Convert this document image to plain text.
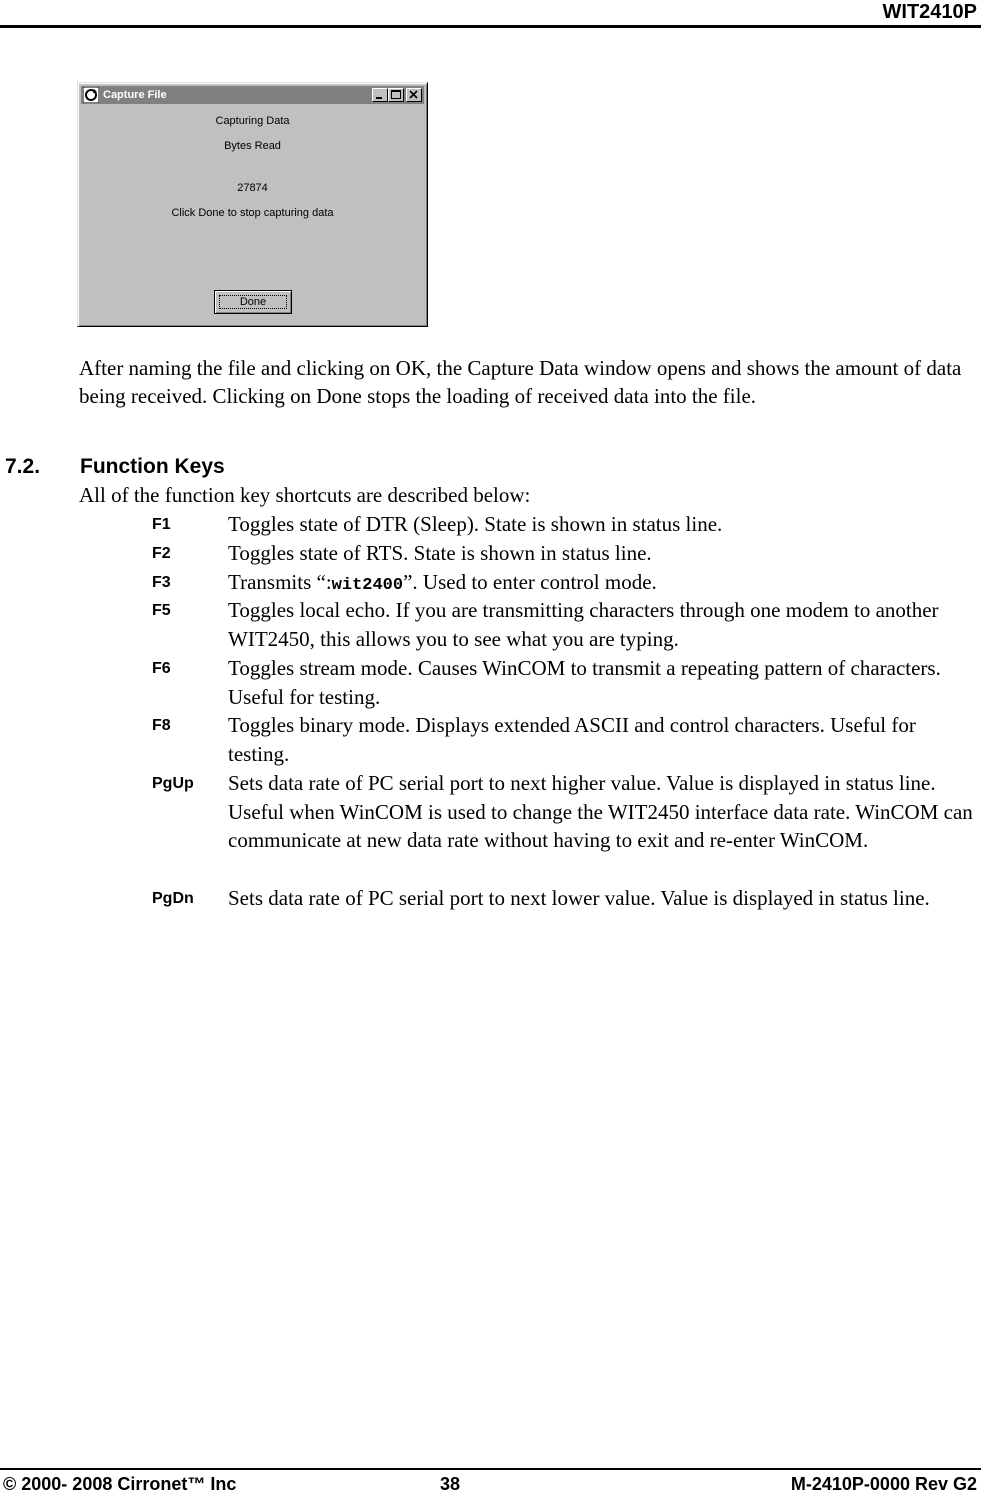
WIT2410P
Capture File
Capturing Data
Bytes Read
27874
Click Done to stop capturing data
Done
After naming the file and clicking on OK, the Capture Data window opens and shows the amount of data being received. Clicking on Done stops the loading of received data into the file.
7.2. Function Keys
All of the function key shortcuts are described below:
F1	Toggles state of DTR (Sleep). State is shown in status line.
F2	Toggles state of RTS. State is shown in status line.
F3	Transmits “:wit2400”. Used to enter control mode.
F5	Toggles local echo. If you are transmitting characters through one modem to another WIT2450, this allows you to see what you are typing.
F6	Toggles stream mode. Causes WinCOM to transmit a repeating pattern of characters. Useful for testing.
F8	Toggles binary mode. Displays extended ASCII and control characters. Useful for testing.
PgUp Sets data rate of PC serial port to next higher value. Value is displayed in status line. Useful when WinCOM is used to change the WIT2450 interface data rate. WinCOM can communicate at new data rate without having to exit and re-enter WinCOM.
PgDn Sets data rate of PC serial port to next lower value. Value is displayed in status line.
© 2000- 2008 Cirronet™ Inc	38	M-2410P-0000 Rev G2
